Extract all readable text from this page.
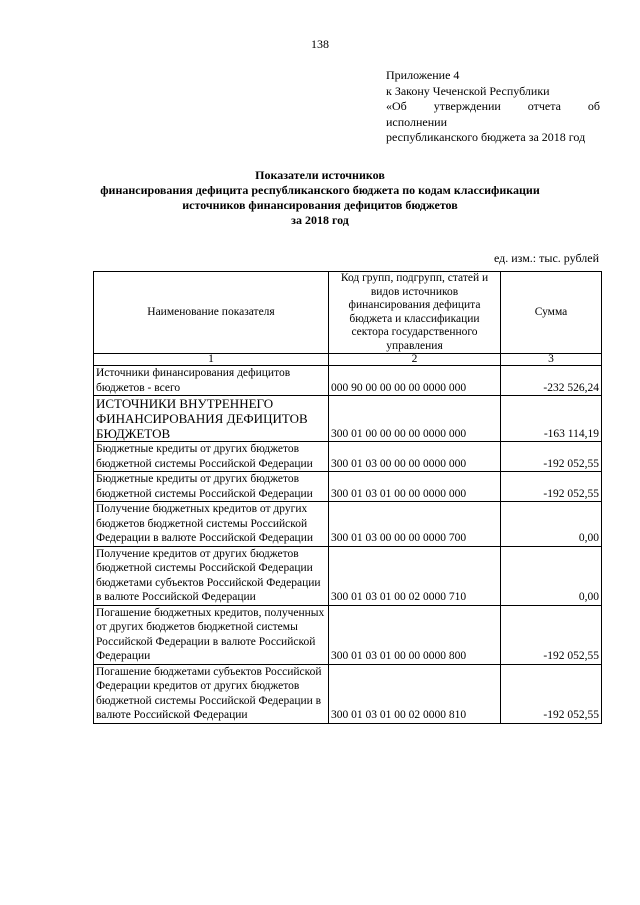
138
Приложение 4
к Закону Чеченской Республики
«Об утверждении отчета об
исполнении
республиканского бюджета за 2018 год
Показатели источников
финансирования дефицита республиканского бюджета по кодам классификации
источников финансирования дефицитов бюджетов
за 2018 год
ед. изм.: тыс. рублей
Наименование показателя	Код групп, подгрупп, статей и видов источников финансирования дефицита бюджета и классификации сектора государственного управления	Сумма
1	2	3
Источники финансирования дефицитов бюджетов - всего	000 90 00 00 00 00 0000 000	-232 526,24
ИСТОЧНИКИ ВНУТРЕННЕГО ФИНАНСИРОВАНИЯ ДЕФИЦИТОВ БЮДЖЕТОВ	300 01 00 00 00 00 0000 000	-163 114,19
Бюджетные кредиты от других бюджетов бюджетной системы Российской Федерации	300 01 03 00 00 00 0000 000	-192 052,55
Бюджетные кредиты от других бюджетов бюджетной системы Российской Федерации	300 01 03 01 00 00 0000 000	-192 052,55
Получение бюджетных кредитов от других бюджетов бюджетной системы Российской Федерации в валюте Российской Федерации	300 01 03 00 00 00 0000 700	0,00
Получение кредитов от других бюджетов бюджетной системы Российской Федерации бюджетами субъектов Российской Федерации в валюте Российской Федерации	300 01 03 01 00 02 0000 710	0,00
Погашение бюджетных кредитов, полученных от других бюджетов бюджетной системы Российской Федерации в валюте Российской Федерации	300 01 03 01 00 00 0000 800	-192 052,55
Погашение бюджетами субъектов Российской Федерации кредитов от других бюджетов бюджетной системы Российской Федерации в валюте Российской Федерации	300 01 03 01 00 02 0000 810	-192 052,55
